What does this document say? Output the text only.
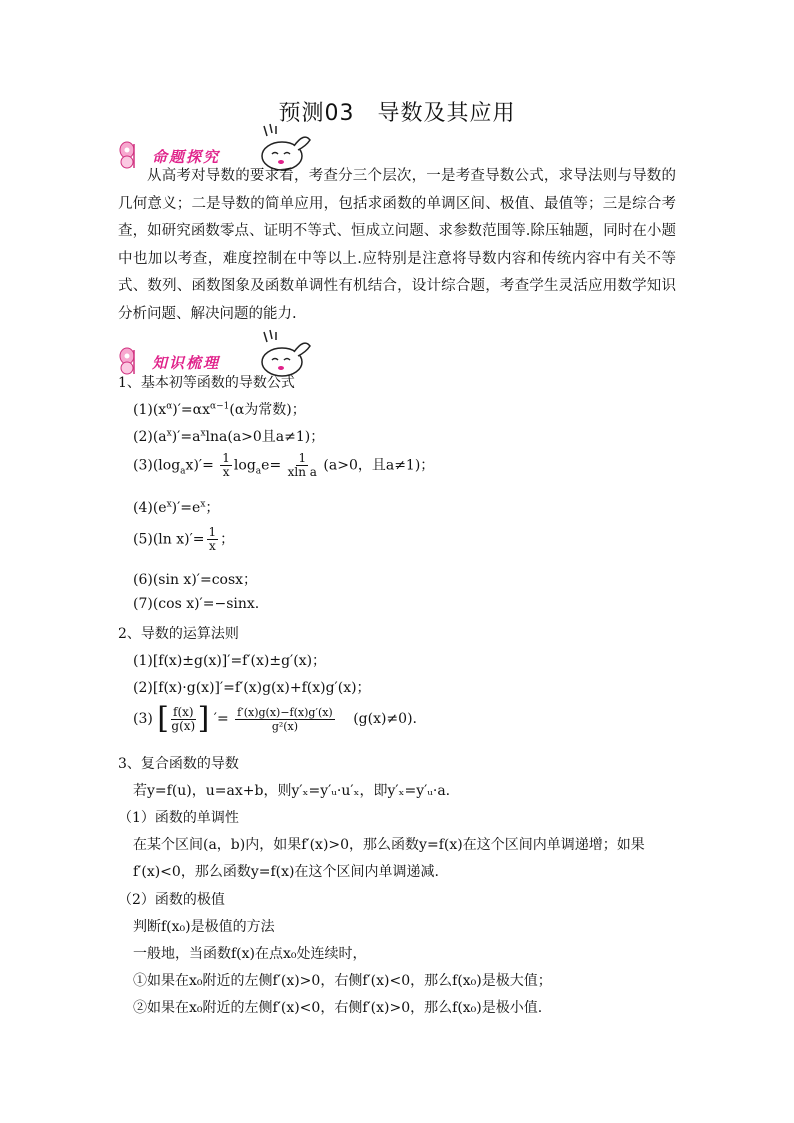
预测03　导数及其应用
命题探究
从高考对导数的要求看，考查分三个层次，一是考查导数公式，求导法则与导数的几何意义；二是导数的简单应用，包括求函数的单调区间、极值、最值等；三是综合考查，如研究函数零点、证明不等式、恒成立问题、求参数范围等.除压轴题，同时在小题中也加以考查，难度控制在中等以上.应特别是注意将导数内容和传统内容中有关不等式、数列、函数图象及函数单调性有机结合，设计综合题，考查学生灵活应用数学知识分析问题、解决问题的能力.
知识梳理
1、基本初等函数的导数公式
$(1)(x^\alpha)'=\alpha x^{\alpha-1}(\alpha$为常数)；
$(2)(a^x)'=a^x\ln a(a>0$且a≠1)；
$(3)(\log_ax)'= \frac{1}{x} \log_ae= \frac{1}{\text{xln a}} (a>0$，且a≠1)；
$(4)(e^x)'=e^x$；
(5)(ln $x)'= \frac{1}{x}$ ；
(6)(sin x)′=cosx；
(7)(cos x)′=−sinx.
2、导数的运算法则
(1)[f(x)±g(x)]′=f′(x)±g′(x)；
(2)[f(x)·g(x)]′=f′(x)g(x)+f(x)g′(x)；
(3) [ $\frac{f(x)}{g(x)}$ ] ′= $\frac{f'(x)g(x)-f(x)g'(x)}{\text{g²(x)}} (g(x)\ne 0)$.
3、复合函数的导数
若y=f(u)，u=ax+b，则y′ₓ=y′ᵤ·u′ₓ，即y′ₓ=y′ᵤ·a.
（1）函数的单调性
在某个区间(a，b)内，如果f′(x)>0，那么函数y=f(x)在这个区间内单调递增；如果
f′(x)<0，那么函数y=f(x)在这个区间内单调递减.
（2）函数的极值
判断f(x₀)是极值的方法
一般地，当函数f(x)在点x₀处连续时，
①如果在x₀附近的左侧f′(x)>0，右侧f′(x)<0，那么f(x₀)是极大值；
②如果在x₀附近的左侧f′(x)<0，右侧f′(x)>0，那么f(x₀)是极小值.
